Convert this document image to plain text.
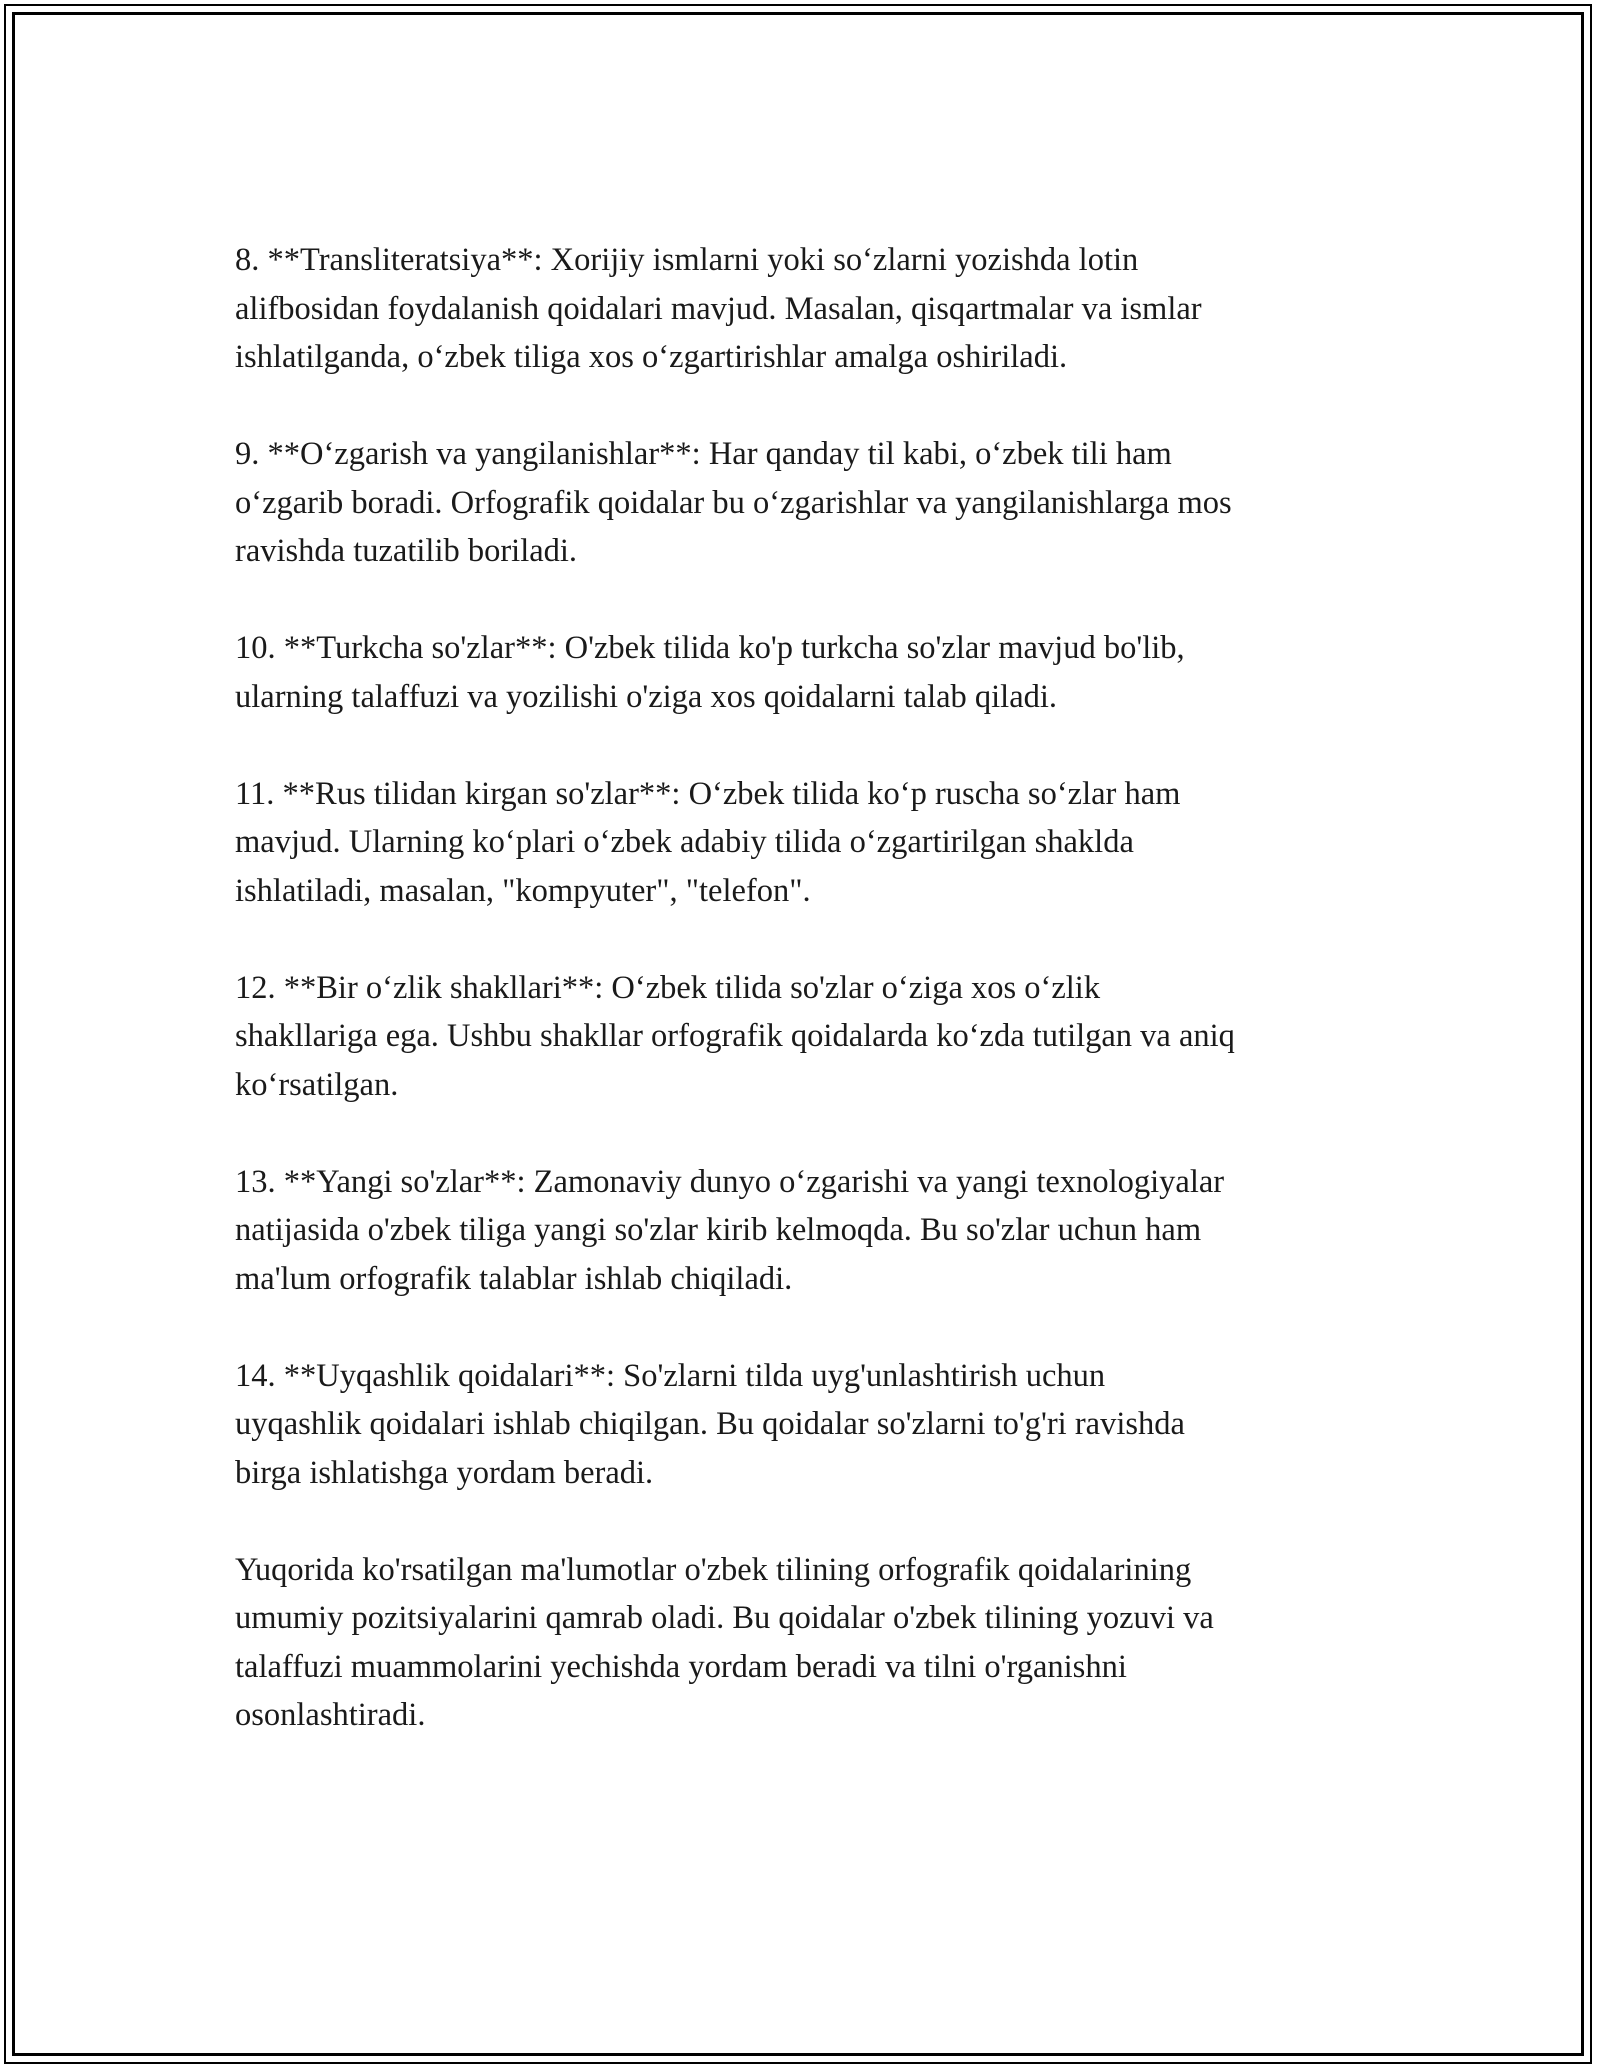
8. **Transliteratsiya**: Xorijiy ismlarni yoki so‘zlarni yozishda lotin
alifbosidan foydalanish qoidalari mavjud. Masalan, qisqartmalar va ismlar
ishlatilganda, o‘zbek tiliga xos o‘zgartirishlar amalga oshiriladi.

9. **O‘zgarish va yangilanishlar**: Har qanday til kabi, o‘zbek tili ham
o‘zgarib boradi. Orfografik qoidalar bu o‘zgarishlar va yangilanishlarga mos
ravishda tuzatilib boriladi.

10. **Turkcha so'zlar**: O'zbek tilida ko'p turkcha so'zlar mavjud bo'lib,
ularning talaffuzi va yozilishi o'ziga xos qoidalarni talab qiladi.

11. **Rus tilidan kirgan so'zlar**: O‘zbek tilida ko‘p ruscha so‘zlar ham
mavjud. Ularning ko‘plari o‘zbek adabiy tilida o‘zgartirilgan shaklda
ishlatiladi, masalan, "kompyuter", "telefon".

12. **Bir o‘zlik shakllari**: O‘zbek tilida so'zlar o‘ziga xos o‘zlik
shakllariga ega. Ushbu shakllar orfografik qoidalarda ko‘zda tutilgan va aniq
ko‘rsatilgan.

13. **Yangi so'zlar**: Zamonaviy dunyo o‘zgarishi va yangi texnologiyalar
natijasida o'zbek tiliga yangi so'zlar kirib kelmoqda. Bu so'zlar uchun ham
ma'lum orfografik talablar ishlab chiqiladi.

14. **Uyqashlik qoidalari**: So'zlarni tilda uyg'unlashtirish uchun
uyqashlik qoidalari ishlab chiqilgan. Bu qoidalar so'zlarni to'g'ri ravishda
birga ishlatishga yordam beradi.

Yuqorida ko'rsatilgan ma'lumotlar o'zbek tilining orfografik qoidalarining
umumiy pozitsiyalarini qamrab oladi. Bu qoidalar o'zbek tilining yozuvi va
talaffuzi muammolarini yechishda yordam beradi va tilni o'rganishni
osonlashtiradi.
